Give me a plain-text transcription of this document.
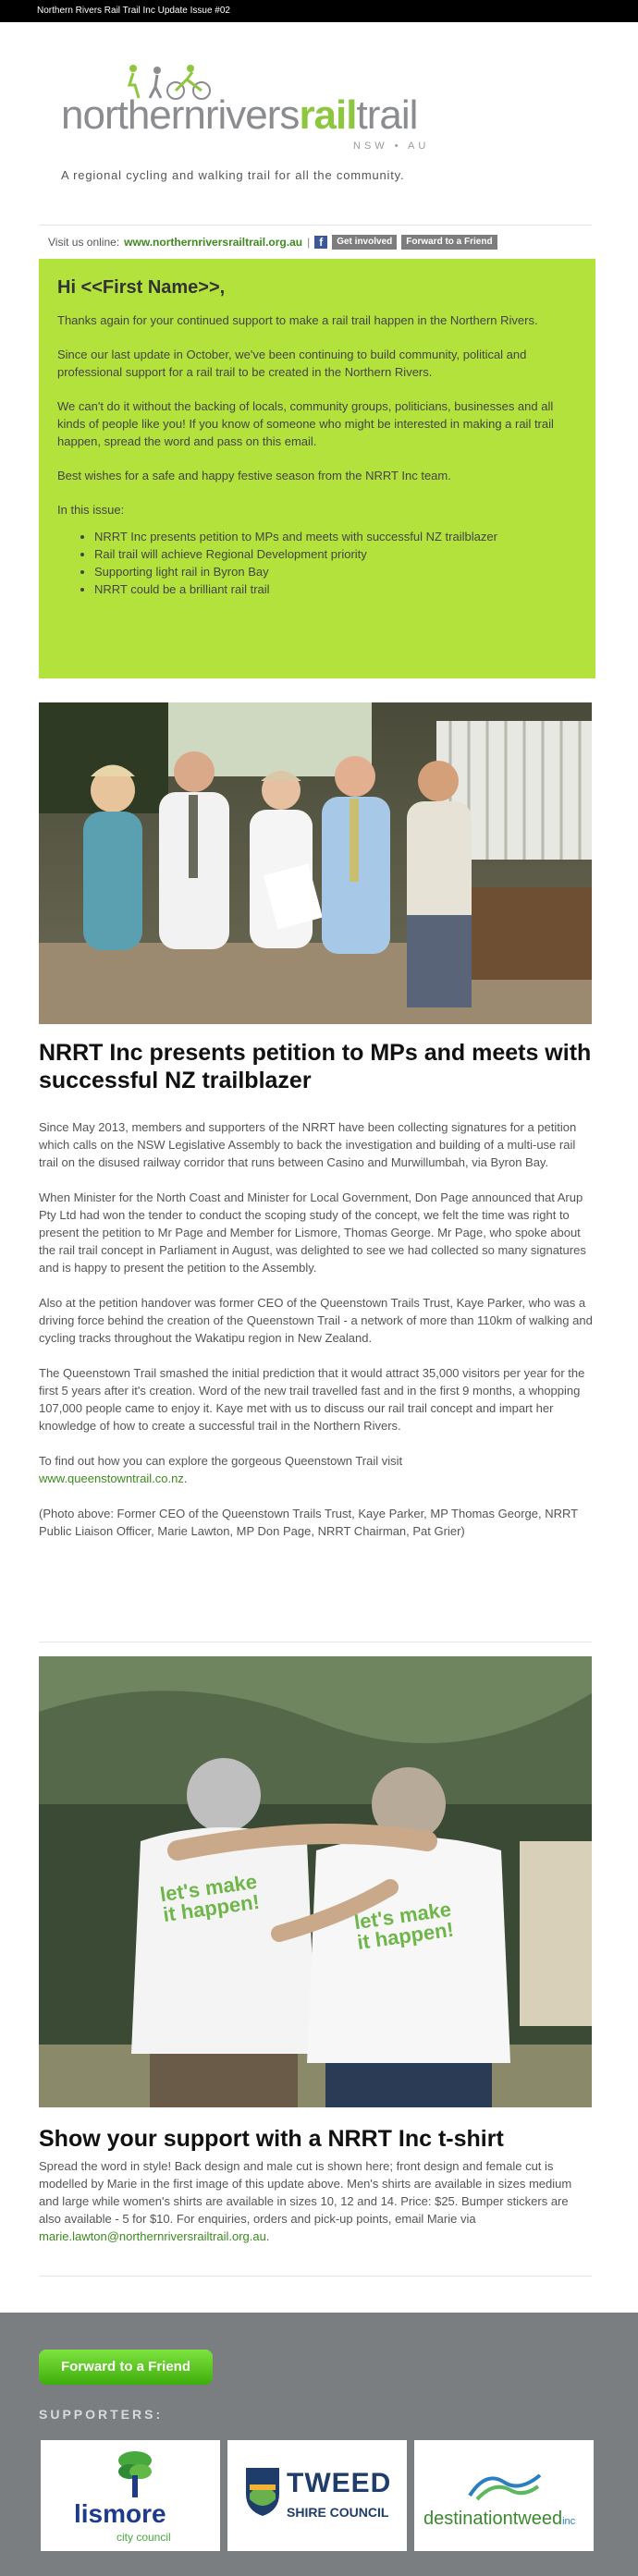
Northern Rivers Rail Trail Inc Update Issue #02
northernriversrailtrail
NSW • AU
A regional cycling and walking trail for all the community.
Visit us online: www.northernriversrailtrail.org.au | f	Get involved	Forward to a Friend
Hi <<First Name>>,

Thanks again for your continued support to make a rail trail happen in the Northern Rivers.

Since our last update in October, we've been continuing to build community, political and professional support for a rail trail to be created in the Northern Rivers.

We can't do it without the backing of locals, community groups, politicians, businesses and all kinds of people like you! If you know of someone who might be interested in making a rail trail happen, spread the word and pass on this email.

Best wishes for a safe and happy festive season from the NRRT Inc team.

In this issue:

• NRRT Inc presents petition to MPs and meets with successful NZ trailblazer
• Rail trail will achieve Regional Development priority
• Supporting light rail in Byron Bay
• NRRT could be a brilliant rail trail
NRRT Inc presents petition to MPs and meets with successful NZ trailblazer

Since May 2013, members and supporters of the NRRT have been collecting signatures for a petition which calls on the NSW Legislative Assembly to back the investigation and building of a multi-use rail trail on the disused railway corridor that runs between Casino and Murwillumbah, via Byron Bay.

When Minister for the North Coast and Minister for Local Government, Don Page announced that Arup Pty Ltd had won the tender to conduct the scoping study of the concept, we felt the time was right to present the petition to Mr Page and Member for Lismore, Thomas George. Mr Page, who spoke about the rail trail concept in Parliament in August, was delighted to see we had collected so many signatures and is happy to present the petition to the Assembly.

Also at the petition handover was former CEO of the Queenstown Trails Trust, Kaye Parker, who was a driving force behind the creation of the Queenstown Trail - a network of more than 110km of walking and cycling tracks throughout the Wakatipu region in New Zealand.

The Queenstown Trail smashed the initial prediction that it would attract 35,000 visitors per year for the first 5 years after it's creation. Word of the new trail travelled fast and in the first 9 months, a whopping 107,000 people came to enjoy it. Kaye met with us to discuss our rail trail concept and impart her knowledge of how to create a successful trail in the Northern Rivers.

To find out how you can explore the gorgeous Queenstown Trail visit
www.queenstowntrail.co.nz.

(Photo above: Former CEO of the Queenstown Trails Trust, Kaye Parker, MP Thomas George, NRRT Public Liaison Officer, Marie Lawton, MP Don Page, NRRT Chairman, Pat Grier)

let's make it happen!	let's make it happen!
Show your support with a NRRT Inc t-shirt
Spread the word in style! Back design and male cut is shown here; front design and female cut is modelled by Marie in the first image of this update above. Men's shirts are available in sizes medium and large while women's shirts are available in sizes 10, 12 and 14. Price: $25. Bumper stickers are also available - 5 for $10. For enquiries, orders and pick-up points, email Marie via marie.lawton@northernriversrailtrail.org.au.
Forward to a Friend
SUPPORTERS:
lismore
city council
TWEED
SHIRE COUNCIL destinationtweedinc
